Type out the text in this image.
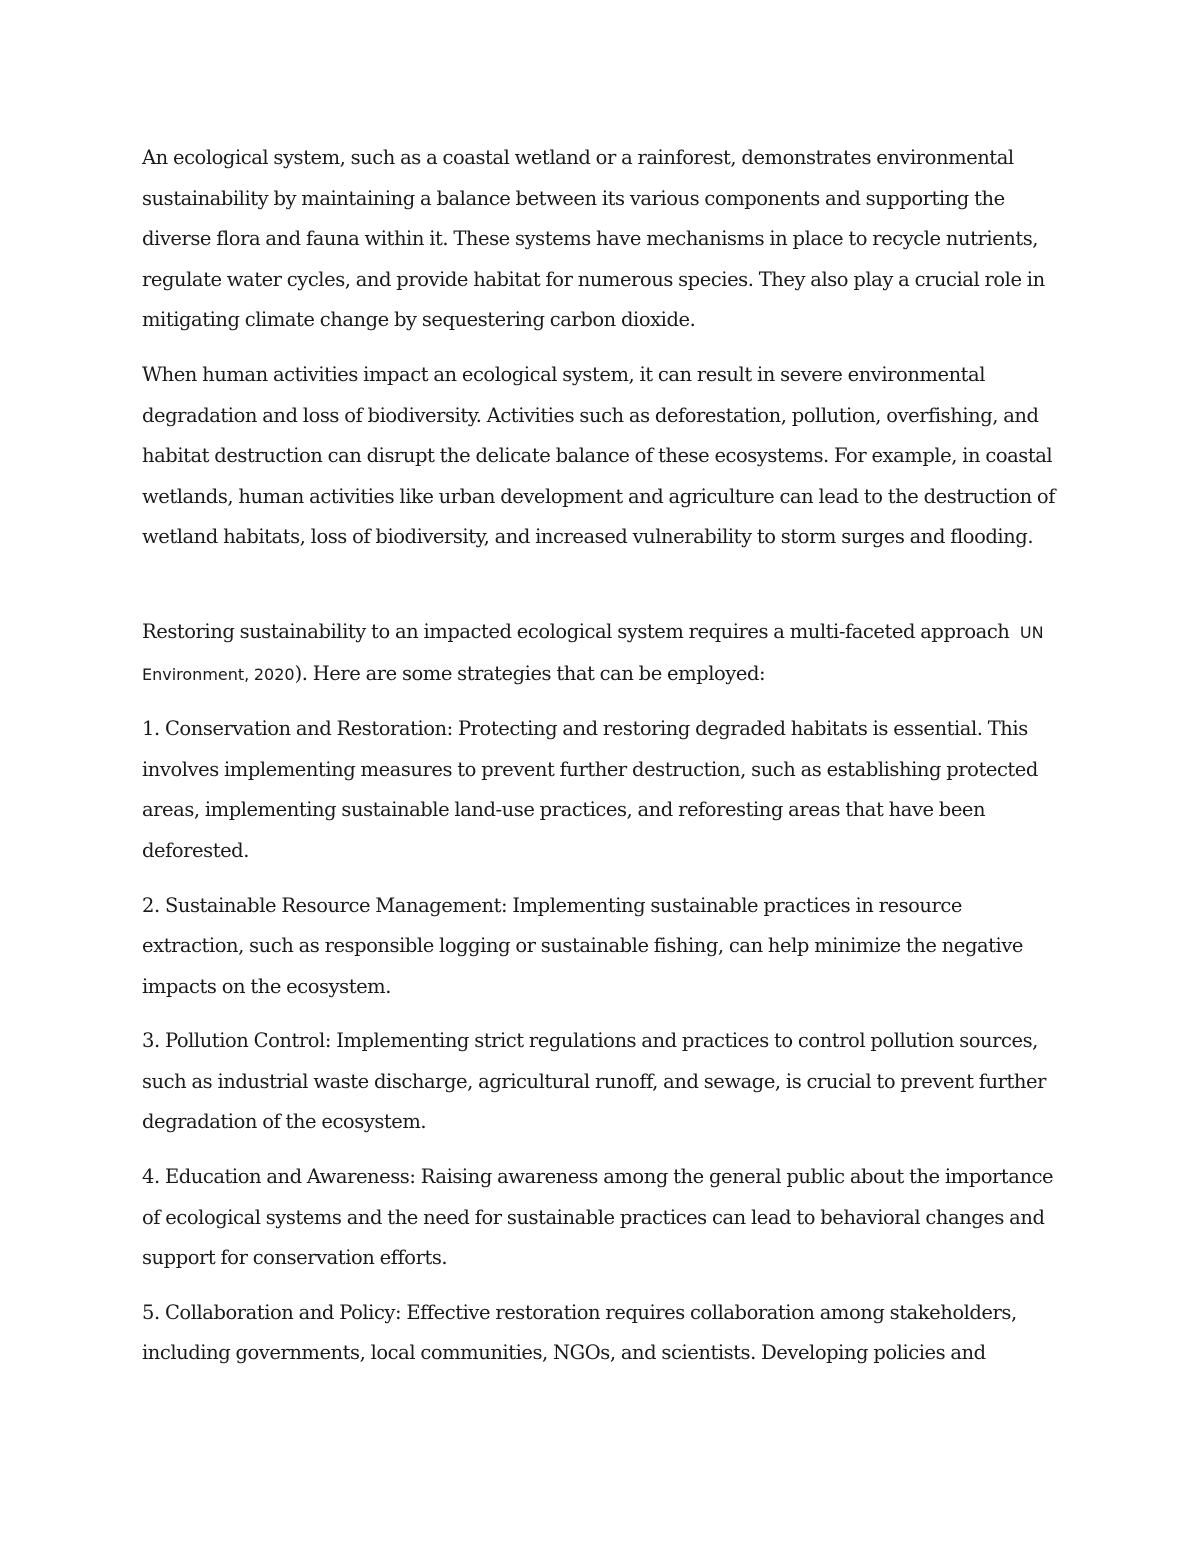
An ecological system, such as a coastal wetland or a rainforest, demonstrates environmental sustainability by maintaining a balance between its various components and supporting the diverse flora and fauna within it. These systems have mechanisms in place to recycle nutrients, regulate water cycles, and provide habitat for numerous species. They also play a crucial role in mitigating climate change by sequestering carbon dioxide.

When human activities impact an ecological system, it can result in severe environmental degradation and loss of biodiversity. Activities such as deforestation, pollution, overfishing, and habitat destruction can disrupt the delicate balance of these ecosystems. For example, in coastal wetlands, human activities like urban development and agriculture can lead to the destruction of wetland habitats, loss of biodiversity, and increased vulnerability to storm surges and flooding.

Restoring sustainability to an impacted ecological system requires a multi-faceted approach UN Environment, 2020). Here are some strategies that can be employed:

1. Conservation and Restoration: Protecting and restoring degraded habitats is essential. This involves implementing measures to prevent further destruction, such as establishing protected areas, implementing sustainable land-use practices, and reforesting areas that have been deforested.

2. Sustainable Resource Management: Implementing sustainable practices in resource extraction, such as responsible logging or sustainable fishing, can help minimize the negative impacts on the ecosystem.

3. Pollution Control: Implementing strict regulations and practices to control pollution sources, such as industrial waste discharge, agricultural runoff, and sewage, is crucial to prevent further degradation of the ecosystem.

4. Education and Awareness: Raising awareness among the general public about the importance of ecological systems and the need for sustainable practices can lead to behavioral changes and support for conservation efforts.

5. Collaboration and Policy: Effective restoration requires collaboration among stakeholders, including governments, local communities, NGOs, and scientists. Developing policies and
